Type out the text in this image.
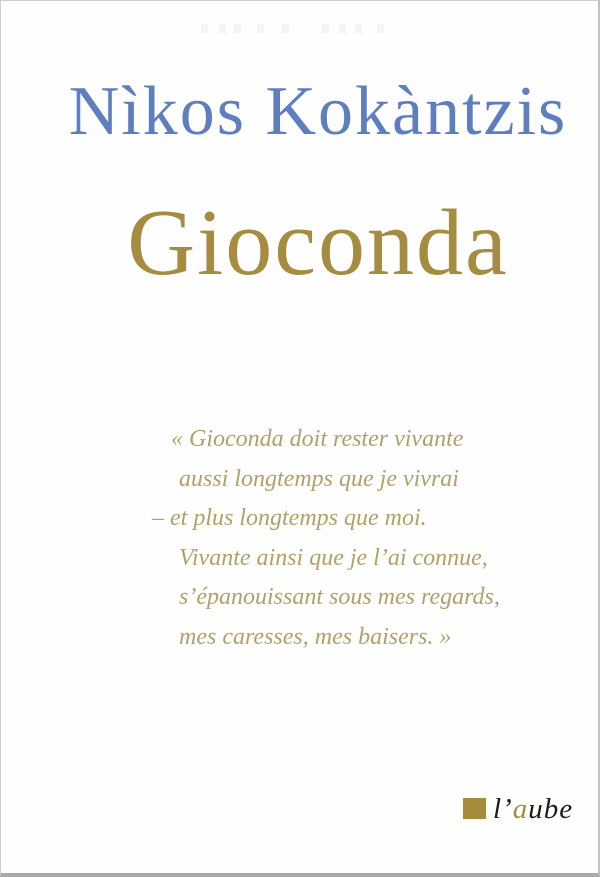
Nìkos Kokàntzis
Gioconda
« Gioconda doit rester vivante
aussi longtemps que je vivrai
– et plus longtemps que moi.
Vivante ainsi que je l’ai connue,
s’épanouissant sous mes regards,
mes caresses, mes baisers. »
l’aube
